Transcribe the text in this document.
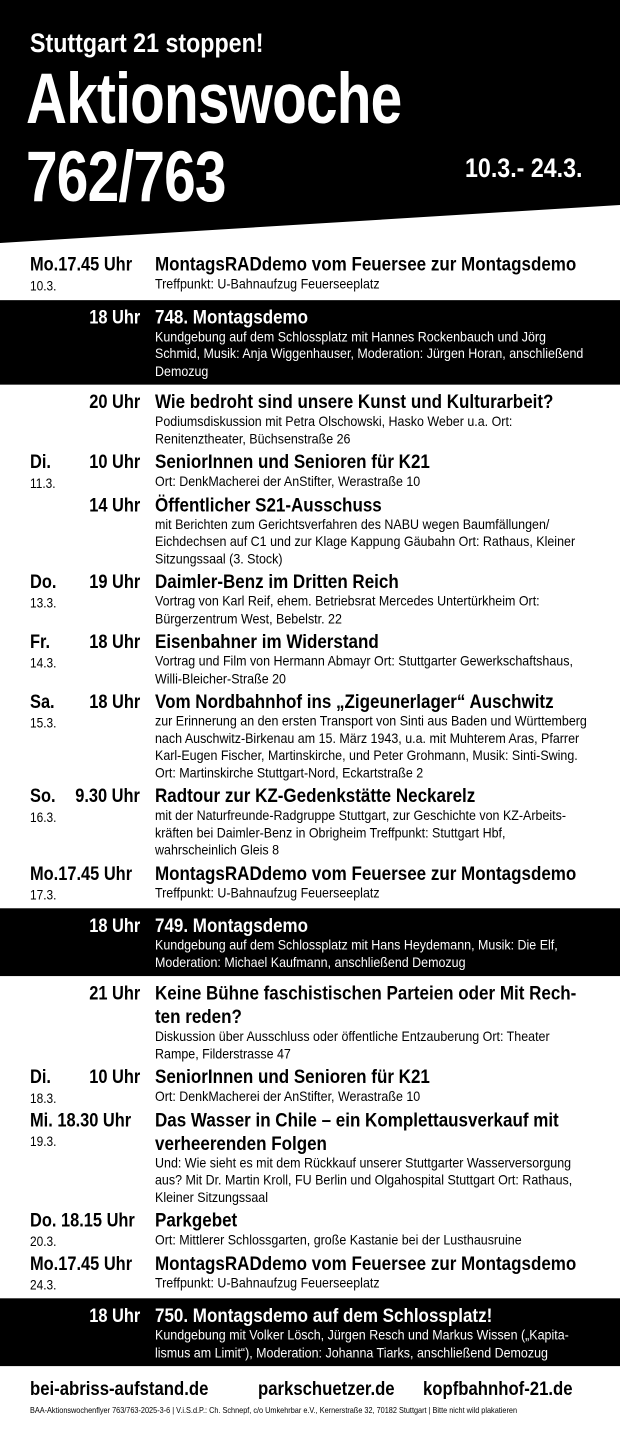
Stuttgart 21 stoppen!
Aktionswoche
762/763	10.3.- 24.3.
Mo.17.45 Uhr
10.3.
MontagsRADdemo vom Feuersee zur Montagsdemo
Treffpunkt: U-Bahnaufzug Feuerseeplatz
18 Uhr 748. Montagsdemo
Kundgebung auf dem Schlossplatz mit Hannes Rockenbauch und Jörg Schmid, Musik: Anja Wiggenhauser, Moderation: Jürgen Horan, anschließend Demozug
20 Uhr Wie bedroht sind unsere Kunst und Kulturarbeit?
Podiumsdiskussion mit Petra Olschowski, Hasko Weber u.a. Ort: Renitenztheater, Büchsenstraße 26
Di.
11.3.
10 Uhr SeniorInnen und Senioren für K21
Ort: DenkMacherei der AnStifter, Werastraße 10
14 Uhr Öffentlicher S21-Ausschuss
mit Berichten zum Gerichtsverfahren des NABU wegen Baumfällungen/ Eichdechsen auf C1 und zur Klage Kappung Gäubahn Ort: Rathaus, Kleiner Sitzungssaal (3. Stock)
Do.
13.3.
19 Uhr Daimler-Benz im Dritten Reich
Vortrag von Karl Reif, ehem. Betriebsrat Mercedes Untertürkheim Ort: Bürgerzentrum West, Bebelstr. 22
Fr.
14.3.
18 Uhr Eisenbahner im Widerstand
Vortrag und Film von Hermann Abmayr Ort: Stuttgarter Gewerkschaftshaus, Willi-Bleicher-Straße 20
Sa.
15.3.
18 Uhr Vom Nordbahnhof ins „Zigeunerlager“ Auschwitz
zur Erinnerung an den ersten Transport von Sinti aus Baden und Württemberg nach Auschwitz-Birkenau am 15. März 1943, u.a. mit Muhterem Aras, Pfarrer Karl-Eugen Fischer, Martinskirche, und Peter Grohmann, Musik: Sinti-Swing. Ort: Martinskirche Stuttgart-Nord, Eckartstraße 2
So.
16.3.
9.30 Uhr Radtour zur KZ-Gedenkstätte Neckarelz
mit der Naturfreunde-Radgruppe Stuttgart, zur Geschichte von KZ-Arbeitskräften bei Daimler-Benz in Obrigheim Treffpunkt: Stuttgart Hbf, wahrscheinlich Gleis 8
Mo.17.45 Uhr
17.3.
MontagsRADdemo vom Feuersee zur Montagsdemo
Treffpunkt: U-Bahnaufzug Feuerseeplatz
18 Uhr 749. Montagsdemo
Kundgebung auf dem Schlossplatz mit Hans Heydemann, Musik: Die Elf, Moderation: Michael Kaufmann, anschließend Demozug
21 Uhr Keine Bühne faschistischen Parteien oder Mit Rechten reden?
Diskussion über Ausschluss oder öffentliche Entzauberung Ort: Theater Rampe, Filderstrasse 47
Di.
18.3.
10 Uhr SeniorInnen und Senioren für K21
Ort: DenkMacherei der AnStifter, Werastraße 10
Mi. 18.30 Uhr
19.3.
Das Wasser in Chile – ein Komplettausverkauf mit verheerenden Folgen
Und: Wie sieht es mit dem Rückkauf unserer Stuttgarter Wasserversorgung aus? Mit Dr. Martin Kroll, FU Berlin und Olgahospital Stuttgart Ort: Rathaus, Kleiner Sitzungssaal
Do. 18.15 Uhr
20.3.
Parkgebet
Ort: Mittlerer Schlossgarten, große Kastanie bei der Lusthausruine
Mo.17.45 Uhr
24.3.
MontagsRADdemo vom Feuersee zur Montagsdemo
Treffpunkt: U-Bahnaufzug Feuerseeplatz
18 Uhr 750. Montagsdemo auf dem Schlossplatz!
Kundgebung mit Volker Lösch, Jürgen Resch und Markus Wissen („Kapitalismus am Limit“), Moderation: Johanna Tiarks, anschließend Demozug
bei-abriss-aufstand.de	parkschuetzer.de kopfbahnhof-21.de
BAA-Aktionswochenflyer 763/763-2025-3-6 | V.i.S.d.P.: Ch. Schnepf, c/o Umkehrbar e.V., Kernerstraße 32, 70182 Stuttgart | Bitte nicht wild plakatieren
